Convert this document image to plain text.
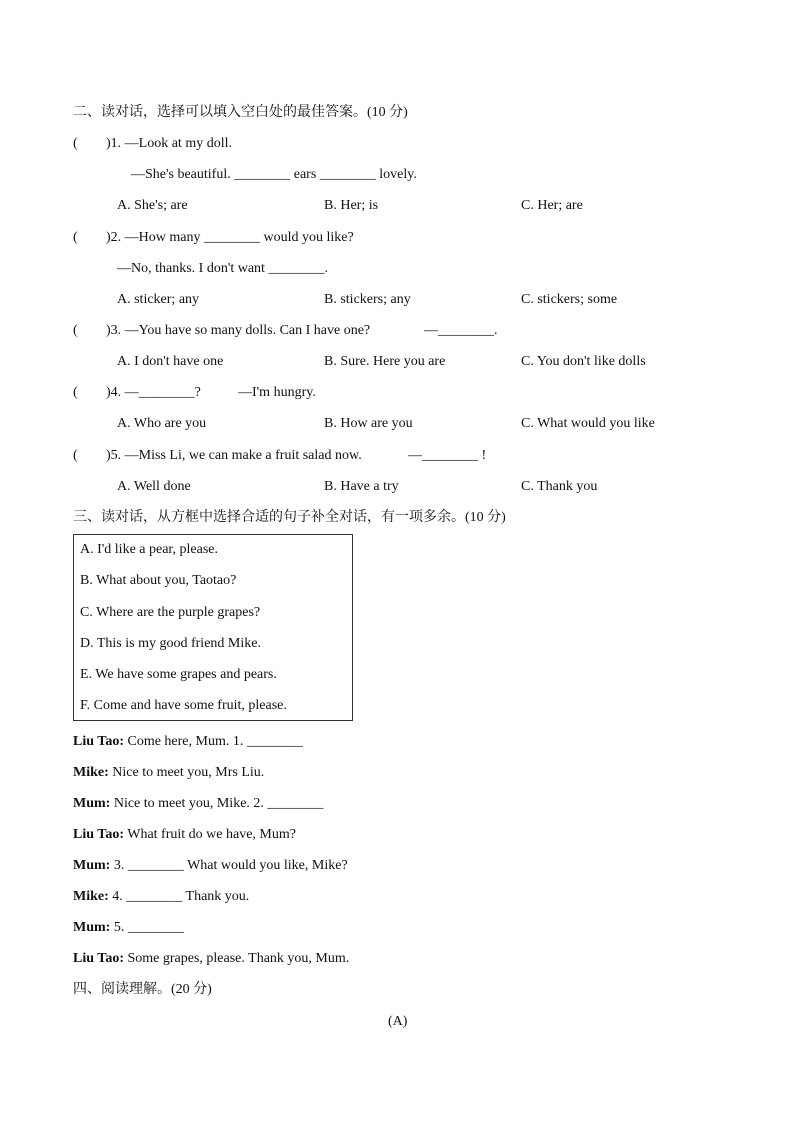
二、读对话，选择可以填入空白处的最佳答案。(10 分)
( )1. —Look at my doll.
—She's beautiful. ________ ears ________ lovely.
A. She's; are	B. Her; is	C. Her; are
( )2. —How many ________ would you like?
—No, thanks. I don't want ________.
A. sticker; any	B. stickers; any	C. stickers; some
( )3. —You have so many dolls. Can I have one?	—________.
A. I don't have one	B. Sure. Here you are	C. You don't like dolls
( )4. —________?	—I'm hungry.
A. Who are you	B. How are you	C. What would you like
( )5. —Miss Li, we can make a fruit salad now.	—________ !
A. Well done	B. Have a try	C. Thank you
三、读对话，从方框中选择合适的句子补全对话，有一项多余。(10 分)
A. I'd like a pear, please.
B. What about you, Taotao?
C. Where are the purple grapes?
D. This is my good friend Mike.
E. We have some grapes and pears.
F. Come and have some fruit, please.
Liu Tao: Come here, Mum. 1. ________
Mike: Nice to meet you, Mrs Liu.
Mum: Nice to meet you, Mike. 2. ________
Liu Tao: What fruit do we have, Mum?
Mum: 3. ________ What would you like, Mike?
Mike: 4. ________ Thank you.
Mum: 5. ________
Liu Tao: Some grapes, please. Thank you, Mum.
四、阅读理解。(20 分)
(A)
